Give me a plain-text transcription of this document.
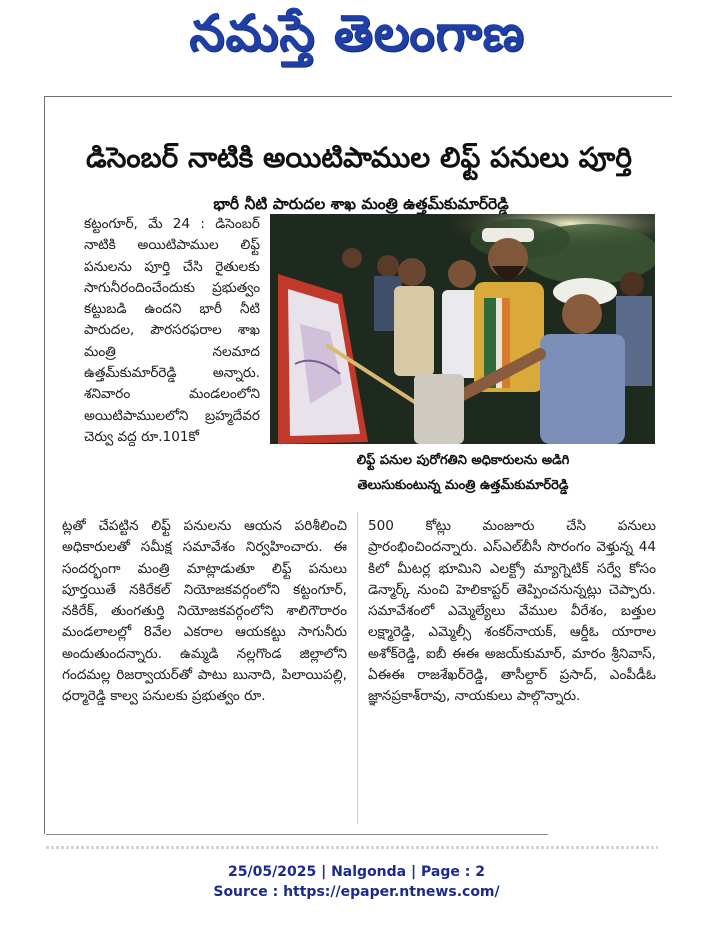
నమస్తే తెలంగాణ
డిసెంబర్ నాటికి అయిటిపాముల లిఫ్ట్ పనులు పూర్తి
భారీ నీటి పారుదల శాఖ మంత్రి ఉత్తమ్‌కుమార్‌రెడ్డి
కట్టంగూర్, మే 24 : డిసెంబర్ నాటికి అయిటిపాముల లిఫ్ట్ పనులను పూర్తి చేసి రైతులకు సాగునీరందించేందుకు ప్రభుత్వం కట్టుబడి ఉందని భారీ నీటి పారుదల, పౌరసరఫరాల శాఖ మంత్రి నలమాద ఉత్తమ్‌కుమార్‌రెడ్డి అన్నారు. శనివారం మండలంలోని అయిటిపాములలోని బ్రహ్మదేవర చెర్వు వద్ద రూ.101కో
లిఫ్ట్ పనుల పురోగతిని అధికారులను అడిగి
తెలుసుకుంటున్న మంత్రి ఉత్తమ్‌కుమార్‌రెడ్డి
ట్లతో చేపట్టిన లిఫ్ట్ పనులను ఆయన పరిశీలించి అధికారులతో సమీక్ష సమావేశం నిర్వహించారు. ఈ సందర్భంగా మంత్రి మాట్లాడుతూ లిఫ్ట్ పనులు పూర్తయితే నకిరేకల్ నియోజకవర్గంలోని కట్టంగూర్, నకిరేక్, తుంగతుర్తి నియోజకవర్గంలోని శాలిగౌరారం మండలాలల్లో 8వేల ఎకరాల ఆయకట్టు సాగునీరు అందుతుందన్నారు. ఉమ్మడి నల్లగొండ జిల్లాలోని గందమల్ల రిజర్వాయర్‌తో పాటు బునాది, పిలాయిపల్లి, ధర్మారెడ్డి కాల్వ పనులకు ప్రభుత్వం రూ.
500 కోట్లు మంజూరు చేసి పనులు ప్రారంభించిందన్నారు. ఎస్ఎల్‌బీసీ సొరంగం వెళ్తున్న 44 కిలో మీటర్ల భూమిని ఎలక్ట్రో మ్యాగ్నెటిక్ సర్వే కోసం డెన్మార్క్ నుంచి హెలికాప్టర్ తెప్పించనున్నట్లు చెప్పారు. సమావేశంలో ఎమ్మెల్యేలు వేముల వీరేశం, బత్తుల లక్ష్మారెడ్డి, ఎమ్మెల్సీ శంకర్‌నాయక్, ఆర్డీఓ యారాల అశోక్‌రెడ్డి, ఐబీ ఈఈ అజయ్‌కుమార్, మారం శ్రీనివాస్, ఏఈఈ రాజశేఖర్‌రెడ్డి, తాసీల్దార్ ప్రసాద్, ఎంపీడీఓ జ్ఞానప్రకాశ్‌రావు, నాయకులు పాల్గొన్నారు.
25/05/2025 | Nalgonda | Page : 2
Source : https://epaper.ntnews.com/
